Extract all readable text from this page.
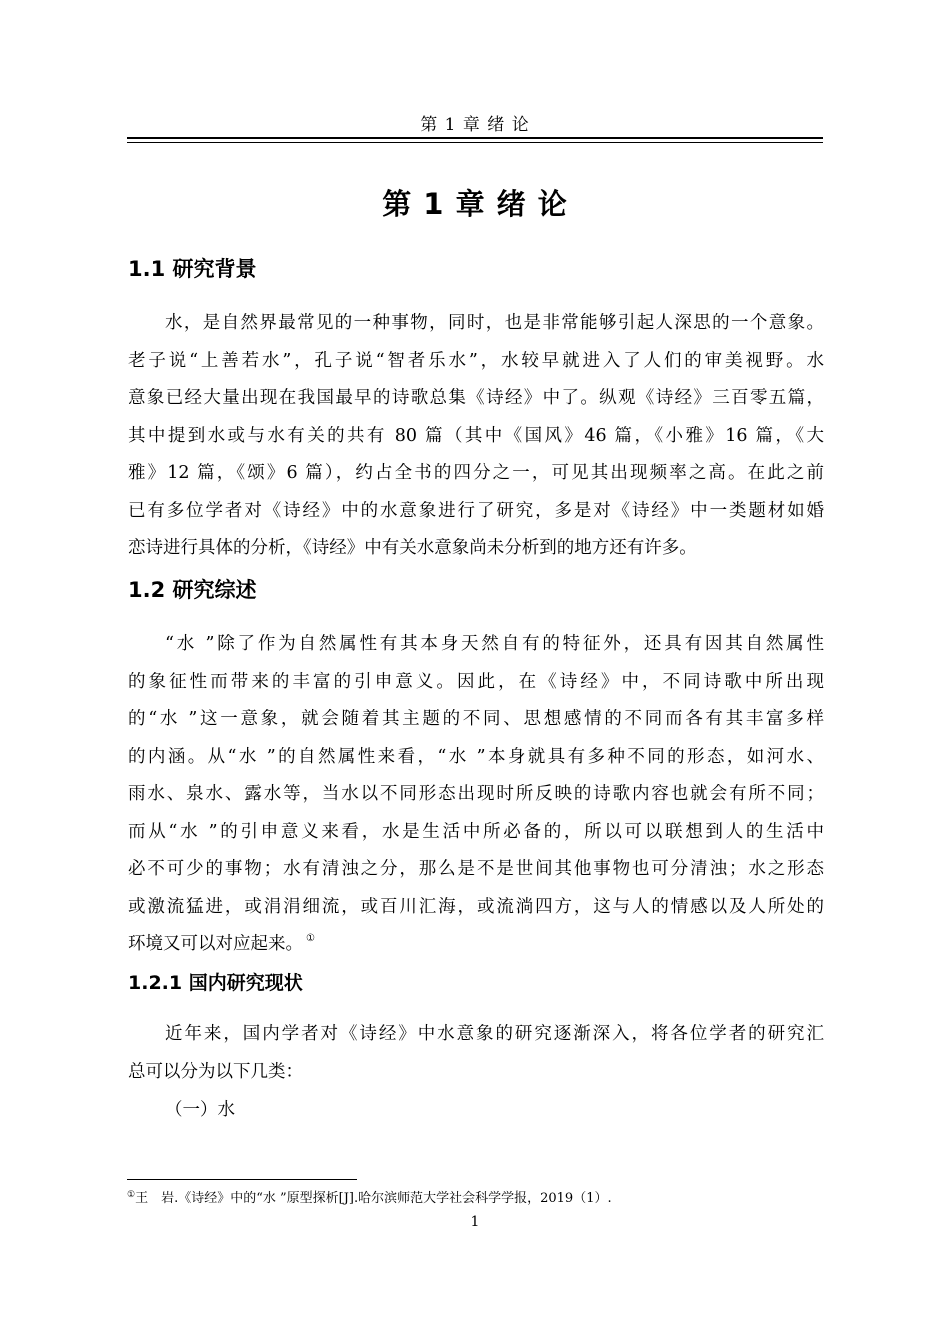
第 1 章 绪 论
第 1 章 绪 论
1.1 研究背景

水，是自然界最常见的一种事物，同时，也是非常能够引起人深思的一个意象。
老子说“上善若水”，孔子说“智者乐水”，水较早就进入了人们的审美视野。水
意象已经大量出现在我国最早的诗歌总集《诗经》中了。纵观《诗经》三百零五篇，
其中提到水或与水有关的共有 80 篇（其中《国风》46 篇，《小雅》16 篇，《大
雅》12 篇，《颂》6 篇），约占全书的四分之一，可见其出现频率之高。在此之前
已有多位学者对《诗经》中的水意象进行了研究，多是对《诗经》中一类题材如婚
恋诗进行具体的分析，《诗经》中有关水意象尚未分析到的地方还有许多。

1.2 研究综述

“水 ”除了作为自然属性有其本身天然自有的特征外，还具有因其自然属性
的象征性而带来的丰富的引申意义。因此，在《诗经》中，不同诗歌中所出现
的“水 ”这一意象，就会随着其主题的不同、思想感情的不同而各有其丰富多样
的内涵。从“水 ”的自然属性来看，“水 ”本身就具有多种不同的形态，如河水、
雨水、泉水、露水等，当水以不同形态出现时所反映的诗歌内容也就会有所不同；
而从“水 ”的引申意义来看，水是生活中所必备的，所以可以联想到人的生活中
必不可少的事物；水有清浊之分，那么是不是世间其他事物也可分清浊；水之形态
或激流猛进，或涓涓细流，或百川汇海，或流淌四方，这与人的情感以及人所处的
环境又可以对应起来。 ①

1.2.1 国内研究现状

近年来，国内学者对《诗经》中水意象的研究逐渐深入，将各位学者的研究汇
总可以分为以下几类：

（一）水

①王　岩.《诗经》中的“水 ”原型探析[J].哈尔滨师范大学社会科学学报，2019（1）.
1
